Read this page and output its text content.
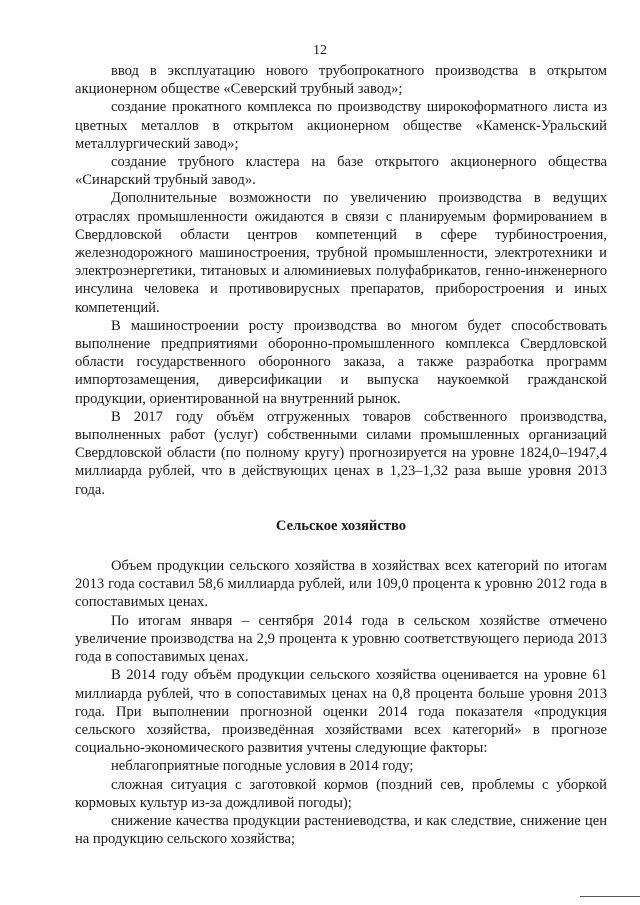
12

ввод в эксплуатацию нового трубопрокатного производства в открытом акционерном обществе «Северский трубный завод»;

создание прокатного комплекса по производству широкоформатного листа из цветных металлов в открытом акционерном обществе «Каменск-Уральский металлургический завод»;

создание трубного кластера на базе открытого акционерного общества «Синарский трубный завод».

Дополнительные возможности по увеличению производства в ведущих отраслях промышленности ожидаются в связи с планируемым формированием в Свердловской области центров компетенций в сфере турбиностроения, железнодорожного машиностроения, трубной промышленности, электротехники и электроэнергетики, титановых и алюминиевых полуфабрикатов, генно-инженерного инсулина человека и противовирусных препаратов, приборостроения и иных компетенций.

В машиностроении росту производства во многом будет способствовать выполнение предприятиями оборонно-промышленного комплекса Свердловской области государственного оборонного заказа, а также разработка программ импортозамещения, диверсификации и выпуска наукоемкой гражданской продукции, ориентированной на внутренний рынок.

В 2017 году объём отгруженных товаров собственного производства, выполненных работ (услуг) собственными силами промышленных организаций Свердловской области (по полному кругу) прогнозируется на уровне 1824,0–1947,4 миллиарда рублей, что в действующих ценах в 1,23–1,32 раза выше уровня 2013 года.

Сельское хозяйство

Объем продукции сельского хозяйства в хозяйствах всех категорий по итогам 2013 года составил 58,6 миллиарда рублей, или 109,0 процента к уровню 2012 года в сопоставимых ценах.

По итогам января – сентября 2014 года в сельском хозяйстве отмечено увеличение производства на 2,9 процента к уровню соответствующего периода 2013 года в сопоставимых ценах.

В 2014 году объём продукции сельского хозяйства оценивается на уровне 61 миллиарда рублей, что в сопоставимых ценах на 0,8 процента больше уровня 2013 года. При выполнении прогнозной оценки 2014 года показателя «продукция сельского хозяйства, произведённая хозяйствами всех категорий» в прогнозе социально-экономического развития учтены следующие факторы:

неблагоприятные погодные условия в 2014 году;

сложная ситуация с заготовкой кормов (поздний сев, проблемы с уборкой кормовых культур из-за дождливой погоды);

снижение качества продукции растениеводства, и как следствие, снижение цен на продукцию сельского хозяйства;
